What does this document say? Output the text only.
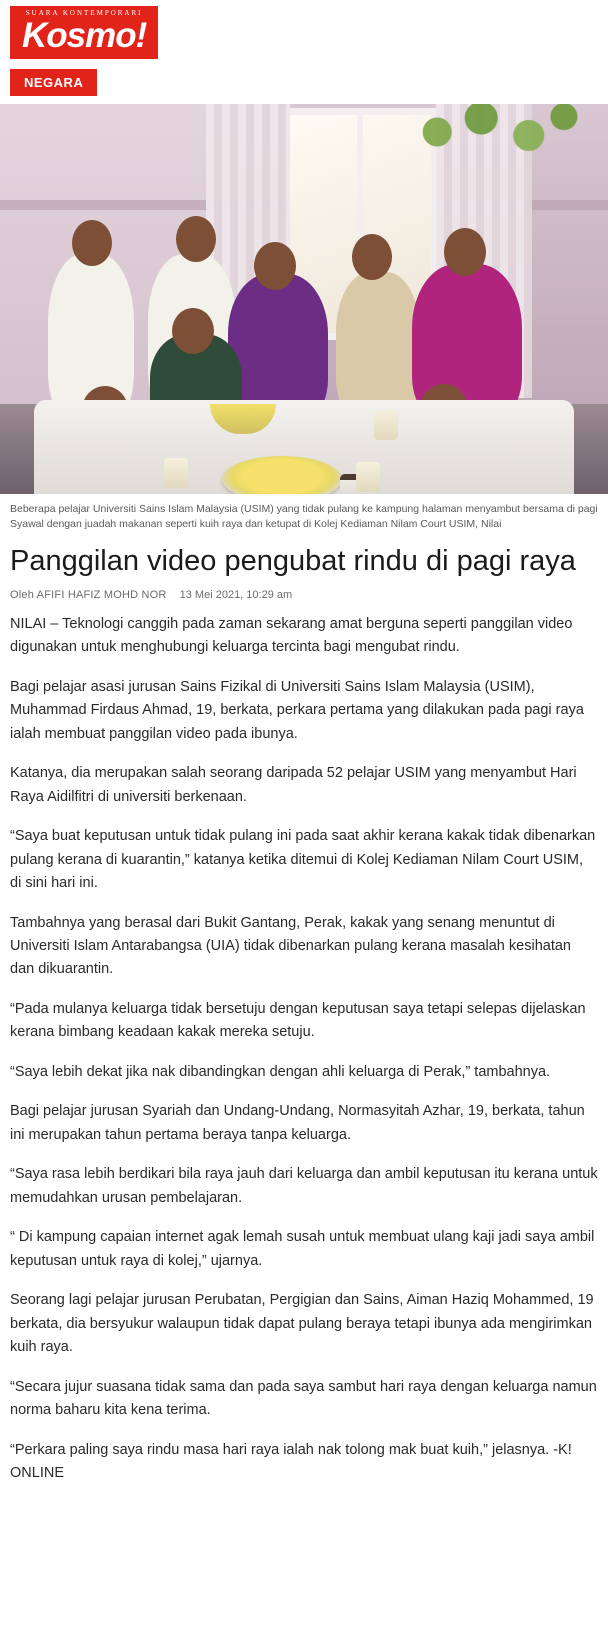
SUARA KONTEMPORARI
Kosmo!
NEGARA
Beberapa pelajar Universiti Sains Islam Malaysia (USIM) yang tidak pulang ke kampung halaman menyambut bersama di pagi Syawal dengan juadah makanan seperti kuih raya dan ketupat di Kolej Kediaman Nilam Court USIM, Nilai
Panggilan video pengubat rindu di pagi raya
Oleh AFIFI HAFIZ MOHD NOR 13 Mei 2021, 10:29 am

NILAI – Teknologi canggih pada zaman sekarang amat berguna seperti panggilan video digunakan untuk menghubungi keluarga tercinta bagi mengubat rindu.

Bagi pelajar asasi jurusan Sains Fizikal di Universiti Sains Islam Malaysia (USIM), Muhammad Firdaus Ahmad, 19, berkata, perkara pertama yang dilakukan pada pagi raya ialah membuat panggilan video pada ibunya.

Katanya, dia merupakan salah seorang daripada 52 pelajar USIM yang menyambut Hari Raya Aidilfitri di universiti berkenaan.

“Saya buat keputusan untuk tidak pulang ini pada saat akhir kerana kakak tidak dibenarkan pulang kerana di kuarantin,” katanya ketika ditemui di Kolej Kediaman Nilam Court USIM, di sini hari ini.

Tambahnya yang berasal dari Bukit Gantang, Perak, kakak yang senang menuntut di Universiti Islam Antarabangsa (UIA) tidak dibenarkan pulang kerana masalah kesihatan dan dikuarantin.

“Pada mulanya keluarga tidak bersetuju dengan keputusan saya tetapi selepas dijelaskan kerana bimbang keadaan kakak mereka setuju.

“Saya lebih dekat jika nak dibandingkan dengan ahli keluarga di Perak,” tambahnya.

Bagi pelajar jurusan Syariah dan Undang-Undang, Normasyitah Azhar, 19, berkata, tahun ini merupakan tahun pertama beraya tanpa keluarga.

“Saya rasa lebih berdikari bila raya jauh dari keluarga dan ambil keputusan itu kerana untuk memudahkan urusan pembelajaran.

“ Di kampung capaian internet agak lemah susah untuk membuat ulang kaji jadi saya ambil keputusan untuk raya di kolej,” ujarnya.

Seorang lagi pelajar jurusan Perubatan, Pergigian dan Sains, Aiman Haziq Mohammed, 19 berkata, dia bersyukur walaupun tidak dapat pulang beraya tetapi ibunya ada mengirimkan kuih raya.

“Secara jujur suasana tidak sama dan pada saya sambut hari raya dengan keluarga namun norma baharu kita kena terima.

“Perkara paling saya rindu masa hari raya ialah nak tolong mak buat kuih,” jelasnya. -K! ONLINE
